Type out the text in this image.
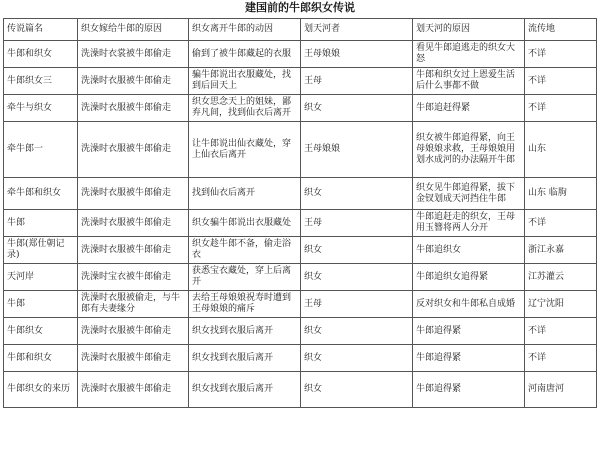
建国前的牛郎织女传说
传说篇名	织女嫁给牛郎的原因	织女离开牛郎的动因	划天河者	划天河的原因	流传地
牛郎和织女	洗澡时衣裳被牛郎偷走	偷到了被牛郎藏起的衣服	王母娘娘	看见牛郎追逃走的织女大怒	不详
牛郎织女三	洗澡时衣服被牛郎偷走	骗牛郎说出衣服藏处，找到后回天上	王母	牛郎和织女过上恩爱生活后什么事都不做	不详
牵牛与织女	洗澡时衣服被牛郎偷走	织女思念天上的姐妹，鄙弃凡间，找到仙衣后离开	织女	牛郎追赶得紧	不详
牵牛郎一	洗澡时衣服被牛郎偷走	让牛郎说出仙衣藏处，穿上仙衣后离开	王母娘娘	织女被牛郎追得紧，向王母娘娘求救，王母娘娘用划水成河的办法隔开牛郎	山东
牵牛郎和织女	洗澡时衣服被牛郎偷走	找到仙衣后离开	织女	织女见牛郎追得紧，拔下金钗划成天河挡住牛郎	山东 临朐
牛郎	洗澡时衣服被牛郎偷走	织女骗牛郎说出衣服藏处	王母	牛郎追赶走的织女，王母用玉簪将两人分开	不详
牛郎(郑仕朝记录)	洗澡时衣服被牛郎偷走	织女趁牛郎不备，偷走浴衣	织女	牛郎追织女	浙江永嘉
天河岸	洗澡时宝衣被牛郎偷走	获悉宝衣藏处，穿上后离开	织女	牛郎追织女追得紧	江苏灌云
牛郎	洗澡时衣服被偷走，与牛郎有夫妻缘分	去给王母娘娘祝寿时遭到王母娘娘的痛斥	王母	反对织女和牛郎私自成婚	辽宁沈阳
牛郎织女	洗澡时衣服被牛郎偷走	织女找到衣服后离开	织女	牛郎追得紧	不详
牛郎和织女	洗澡时衣服被牛郎偷走	织女找到衣服后离开	织女	牛郎追得紧	不详
牛郎织女的来历	洗澡时衣服被牛郎偷走	织女找到衣服后离开	织女	牛郎追得紧	河南唐河
